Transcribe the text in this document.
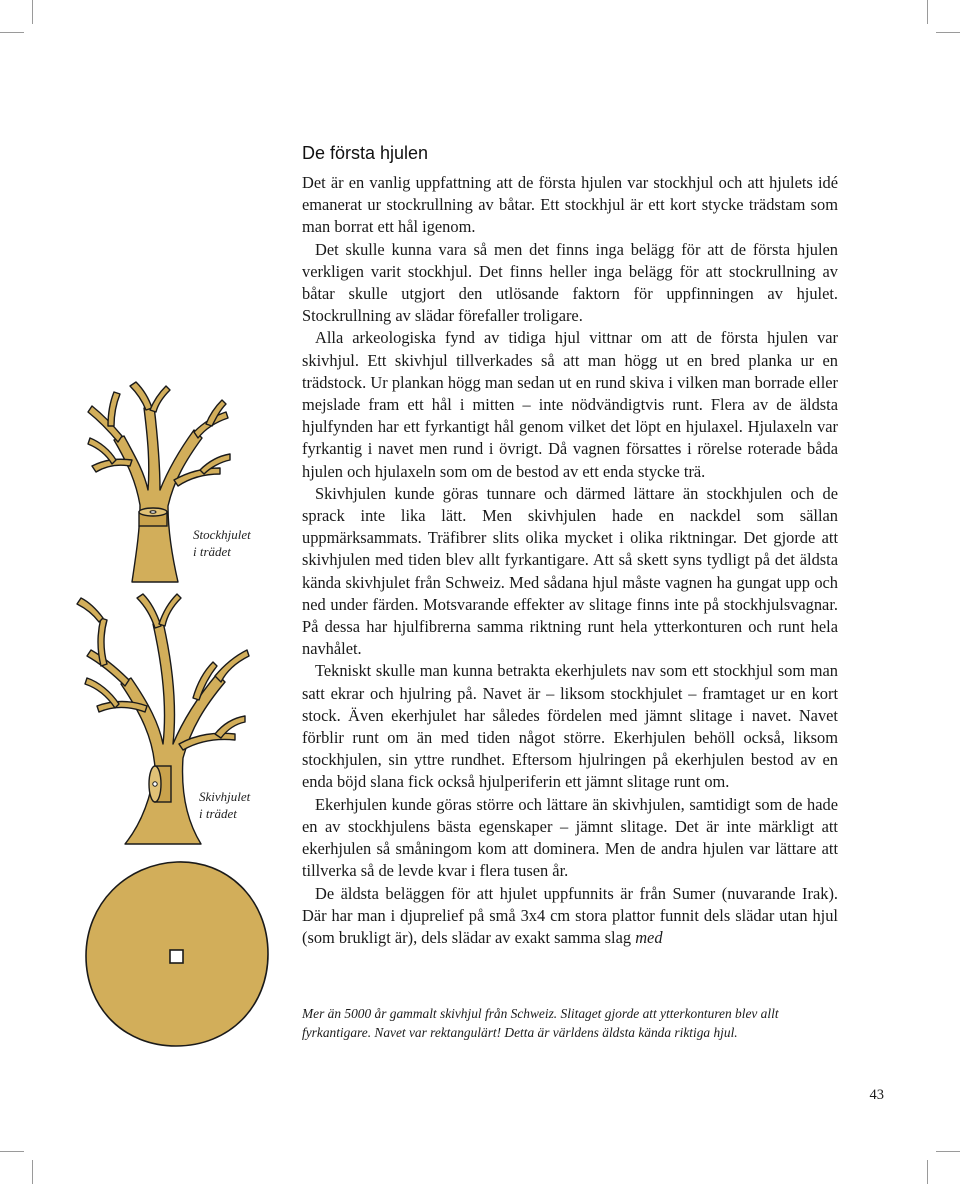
Stockhjulet
i trädet
Skivhjulet
i trädet
De första hjulen

Det är en vanlig uppfattning att de första hjulen var stockhjul och att hjulets idé emanerat ur stockrullning av båtar. Ett stockhjul är ett kort stycke trädstam som man borrat ett hål igenom.

Det skulle kunna vara så men det finns inga belägg för att de första hjulen verkligen varit stockhjul. Det finns heller inga belägg för att stockrullning av båtar skulle utgjort den utlösande faktorn för uppfinningen av hjulet. Stockrullning av slädar förefaller troligare.

Alla arkeologiska fynd av tidiga hjul vittnar om att de första hjulen var skivhjul. Ett skivhjul tillverkades så att man högg ut en bred planka ur en trädstock. Ur plankan högg man sedan ut en rund skiva i vilken man borrade eller mejslade fram ett hål i mitten – inte nödvändigtvis runt. Flera av de äldsta hjulfynden har ett fyrkantigt hål genom vilket det löpt en hjulaxel. Hjulaxeln var fyrkantig i navet men rund i övrigt. Då vagnen försattes i rörelse roterade båda hjulen och hjulaxeln som om de bestod av ett enda stycke trä.

Skivhjulen kunde göras tunnare och därmed lättare än stockhjulen och de sprack inte lika lätt. Men skivhjulen hade en nackdel som sällan uppmärksammats. Träfibrer slits olika mycket i olika riktningar. Det gjorde att skivhjulen med tiden blev allt fyrkantigare. Att så skett syns tydligt på det äldsta kända skivhjulet från Schweiz. Med sådana hjul måste vagnen ha gungat upp och ned under färden. Motsvarande effekter av slitage finns inte på stockhjulsvagnar. På dessa har hjulfibrerna samma riktning runt hela ytterkonturen och runt hela navhålet.

Tekniskt skulle man kunna betrakta ekerhjulets nav som ett stockhjul som man satt ekrar och hjulring på. Navet är – liksom stockhjulet – framtaget ur en kort stock. Även ekerhjulet har således fördelen med jämnt slitage i navet. Navet förblir runt om än med tiden något större. Ekerhjulen behöll också, liksom stockhjulen, sin yttre rundhet. Eftersom hjulringen på ekerhjulen bestod av en enda böjd slana fick också hjulperiferin ett jämnt slitage runt om.

Ekerhjulen kunde göras större och lättare än skivhjulen, samtidigt som de hade en av stockhjulens bästa egenskaper – jämnt slitage. Det är inte märkligt att ekerhjulen så småningom kom att dominera. Men de andra hjulen var lättare att tillverka så de levde kvar i flera tusen år.

De äldsta beläggen för att hjulet uppfunnits är från Sumer (nuvarande Irak). Där har man i djuprelief på små 3x4 cm stora plattor funnit dels slädar utan hjul (som brukligt är), dels slädar av exakt samma slag med

Mer än 5000 år gammalt skivhjul från Schweiz. Slitaget gjorde att ytterkonturen blev allt fyrkantigare. Navet var rektangulärt! Detta är världens äldsta kända riktiga hjul.

43
